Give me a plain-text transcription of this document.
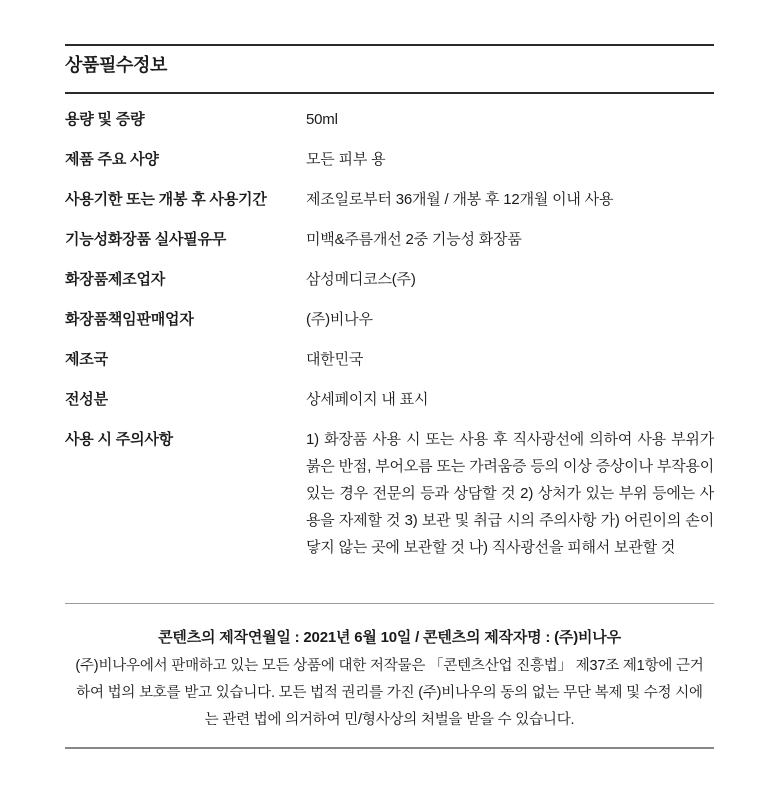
상품필수정보
용량 및 증량	50ml
제품 주요 사양	모든 피부 용
사용기한 또는 개봉 후 사용기간	제조일로부터 36개월 / 개봉 후 12개월 이내 사용
기능성화장품 실사필유무	미백&주름개선 2중 기능성 화장품
화장품제조업자	삼성메디코스(주)
화장품책임판매업자	(주)비나우
제조국	대한민국
전성분	상세페이지 내 표시
사용 시 주의사항	1) 화장품 사용 시 또는 사용 후 직사광선에 의하여 사용 부위가 붉은 반점, 부어오름 또는 가려움증 등의 이상 증상이나 부작용이 있는 경우 전문의 등과 상담할 것 2) 상처가 있는 부위 등에는 사용을 자제할 것 3) 보관 및 취급 시의 주의사항 가) 어린이의 손이 닿지 않는 곳에 보관할 것 나) 직사광선을 피해서 보관할 것

콘텐츠의 제작연월일 : 2021년 6월 10일 / 콘텐츠의 제작자명 : (주)비나우

(주)비나우에서 판매하고 있는 모든 상품에 대한 저작물은 「콘텐츠산업 진흥법」 제37조 제1항에 근거하여 법의 보호를 받고 있습니다. 모든 법적 권리를 가진 (주)비나우의 동의 없는 무단 복제 및 수정 시에는 관련 법에 의거하여 민/형사상의 처벌을 받을 수 있습니다.
